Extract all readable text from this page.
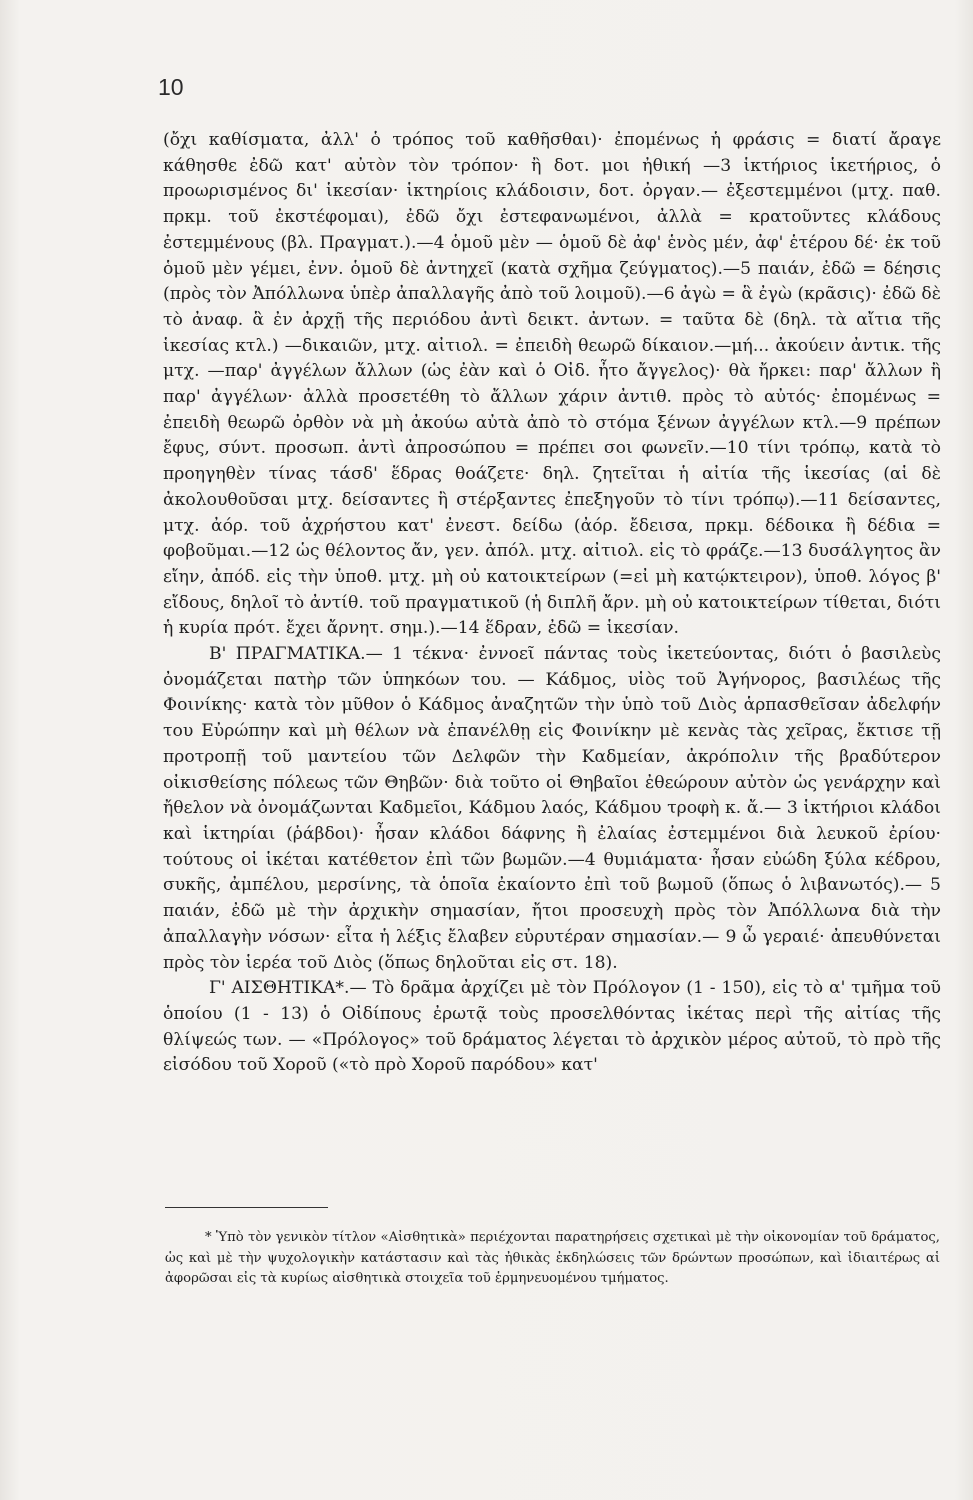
10

(ὄχι καθίσματα, ἀλλ' ὁ τρόπος τοῦ καθῆσθαι)· ἐπομένως ἡ φράσις = διατί ἄραγε κάθησθε ἐδῶ κατ' αὐτὸν τὸν τρόπον· ἢ δοτ. μοι ἠθική —3 ἱκτήριος ἱκετήριος, ὁ προωρισμένος δι' ἱκεσίαν· ἱκτηρίοις κλάδοισιν, δοτ. ὀργαν.— ἐξεστεμμένοι (μτχ. παθ. πρκμ. τοῦ ἐκστέφομαι), ἐδῶ ὄχι ἐστεφανωμένοι, ἀλλὰ = κρατοῦντες κλάδους ἐστεμμένους (βλ. Πραγματ.).—4 ὁμοῦ μὲν — ὁμοῦ δὲ ἀφ' ἑνὸς μέν, ἀφ' ἑτέρου δέ· ἐκ τοῦ ὁμοῦ μὲν γέμει, ἐνν. ὁμοῦ δὲ ἀντηχεῖ (κατὰ σχῆμα ζεύγματος).—5 παιάν, ἐδῶ = δέησις (πρὸς τὸν Ἀπόλλωνα ὑπὲρ ἀπαλλαγῆς ἀπὸ τοῦ λοιμοῦ).—6 ἀγὼ = ἃ ἐγὼ (κρᾶσις)· ἐδῶ δὲ τὸ ἀναφ. ἃ ἐν ἀρχῇ τῆς περιόδου ἀντὶ δεικτ. ἀντων. = ταῦτα δὲ (δηλ. τὰ αἴτια τῆς ἱκεσίας κτλ.) —δικαιῶν, μτχ. αἰτιολ. = ἐπειδὴ θεωρῶ δίκαιον.—μή... ἀκούειν ἀντικ. τῆς μτχ. —παρ' ἀγγέλων ἄλλων (ὡς ἐὰν καὶ ὁ Οἰδ. ἦτο ἄγγελος)· θὰ ἤρκει: παρ' ἄλλων ἢ παρ' ἀγγέλων· ἀλλὰ προσετέθη τὸ ἄλλων χάριν ἀντιθ. πρὸς τὸ αὐτός· ἐπομένως = ἐπειδὴ θεωρῶ ὀρθὸν νὰ μὴ ἀκούω αὐτὰ ἀπὸ τὸ στόμα ξένων ἀγγέλων κτλ.—9 πρέπων ἔφυς, σύντ. προσωπ. ἀντὶ ἀπροσώπου = πρέπει σοι φωνεῖν.—10 τίνι τρόπῳ, κατὰ τὸ προηγηθὲν τίνας τάσδ' ἕδρας θοάζετε· δηλ. ζητεῖται ἡ αἰτία τῆς ἱκεσίας (αἱ δὲ ἀκολουθοῦσαι μτχ. δείσαντες ἢ στέρξαντες ἐπεξηγοῦν τὸ τίνι τρόπῳ).—11 δείσαντες, μτχ. ἀόρ. τοῦ ἀχρήστου κατ' ἐνεστ. δείδω (ἀόρ. ἔδεισα, πρκμ. δέδοικα ἢ δέδια = φοβοῦμαι.—12 ὡς θέλοντος ἄν, γεν. ἀπόλ. μτχ. αἰτιολ. εἰς τὸ φράζε.—13 δυσάλγητος ἂν εἴην, ἀπόδ. εἰς τὴν ὑποθ. μτχ. μὴ οὐ κατοικτείρων (=εἰ μὴ κατῴκτειρον), ὑποθ. λόγος β' εἴδους, δηλοῖ τὸ ἀντίθ. τοῦ πραγματικοῦ (ἡ διπλῆ ἄρν. μὴ οὐ κατοικτείρων τίθεται, διότι ἡ κυρία πρότ. ἔχει ἄρνητ. σημ.).—14 ἕδραν, ἐδῶ = ἱκεσίαν.

Β' ΠΡΑΓΜΑΤΙΚΑ.— 1 τέκνα· ἐννοεῖ πάντας τοὺς ἱκετεύοντας, διότι ὁ βασιλεὺς ὀνομάζεται πατὴρ τῶν ὑπηκόων του. — Κάδμος, υἱὸς τοῦ Ἀγήνορος, βασιλέως τῆς Φοινίκης· κατὰ τὸν μῦθον ὁ Κάδμος ἀναζητῶν τὴν ὑπὸ τοῦ Διὸς ἁρπασθεῖσαν ἀδελφήν του Εὐρώπην καὶ μὴ θέλων νὰ ἐπανέλθῃ εἰς Φοινίκην μὲ κενὰς τὰς χεῖρας, ἔκτισε τῇ προτροπῇ τοῦ μαντείου τῶν Δελφῶν τὴν Καδμείαν, ἀκρόπολιν τῆς βραδύτερον οἰκισθείσης πόλεως τῶν Θηβῶν· διὰ τοῦτο οἱ Θηβαῖοι ἐθεώρουν αὐτὸν ὡς γενάρχην καὶ ἤθελον νὰ ὀνομάζωνται Καδμεῖοι, Κάδμου λαός, Κάδμου τροφὴ κ. ἄ.— 3 ἱκτήριοι κλάδοι καὶ ἱκτηρίαι (ῥάβδοι)· ἦσαν κλάδοι δάφνης ἢ ἐλαίας ἐστεμμένοι διὰ λευκοῦ ἐρίου· τούτους οἱ ἱκέται κατέθετον ἐπὶ τῶν βωμῶν.—4 θυμιάματα· ἦσαν εὐώδη ξύλα κέδρου, συκῆς, ἀμπέλου, μερσίνης, τὰ ὁποῖα ἐκαίοντο ἐπὶ τοῦ βωμοῦ (ὅπως ὁ λιβανωτός).— 5 παιάν, ἐδῶ μὲ τὴν ἀρχικὴν σημασίαν, ἤτοι προσευχὴ πρὸς τὸν Ἀπόλλωνα διὰ τὴν ἀπαλλαγὴν νόσων· εἶτα ἡ λέξις ἔλαβεν εὐρυτέραν σημασίαν.— 9 ὦ γεραιέ· ἀπευθύνεται πρὸς τὸν ἱερέα τοῦ Διὸς (ὅπως δηλοῦται εἰς στ. 18).

Γ' ΑΙΣΘΗΤΙΚΑ*.— Τὸ δρᾶμα ἀρχίζει μὲ τὸν Πρόλογον (1 - 150), εἰς τὸ α' τμῆμα τοῦ ὁποίου (1 - 13) ὁ Οἰδίπους ἐρωτᾷ τοὺς προσελθόντας ἱκέτας περὶ τῆς αἰτίας τῆς θλίψεώς των. — «Πρόλογος» τοῦ δράματος λέγεται τὸ ἀρχικὸν μέρος αὐτοῦ, τὸ πρὸ τῆς εἰσόδου τοῦ Χοροῦ («τὸ πρὸ Χοροῦ παρόδου» κατ'

* Ὑπὸ τὸν γενικὸν τίτλον «Αἰσθητικὰ» περιέχονται παρατηρήσεις σχετικαὶ μὲ τὴν οἰκονομίαν τοῦ δράματος, ὡς καὶ μὲ τὴν ψυχολογικὴν κατάστασιν καὶ τὰς ἠθικὰς ἐκδηλώσεις τῶν δρώντων προσώπων, καὶ ἰδιαιτέρως αἱ ἀφορῶσαι εἰς τὰ κυρίως αἰσθητικὰ στοιχεῖα τοῦ ἑρμηνευομένου τμήματος.
